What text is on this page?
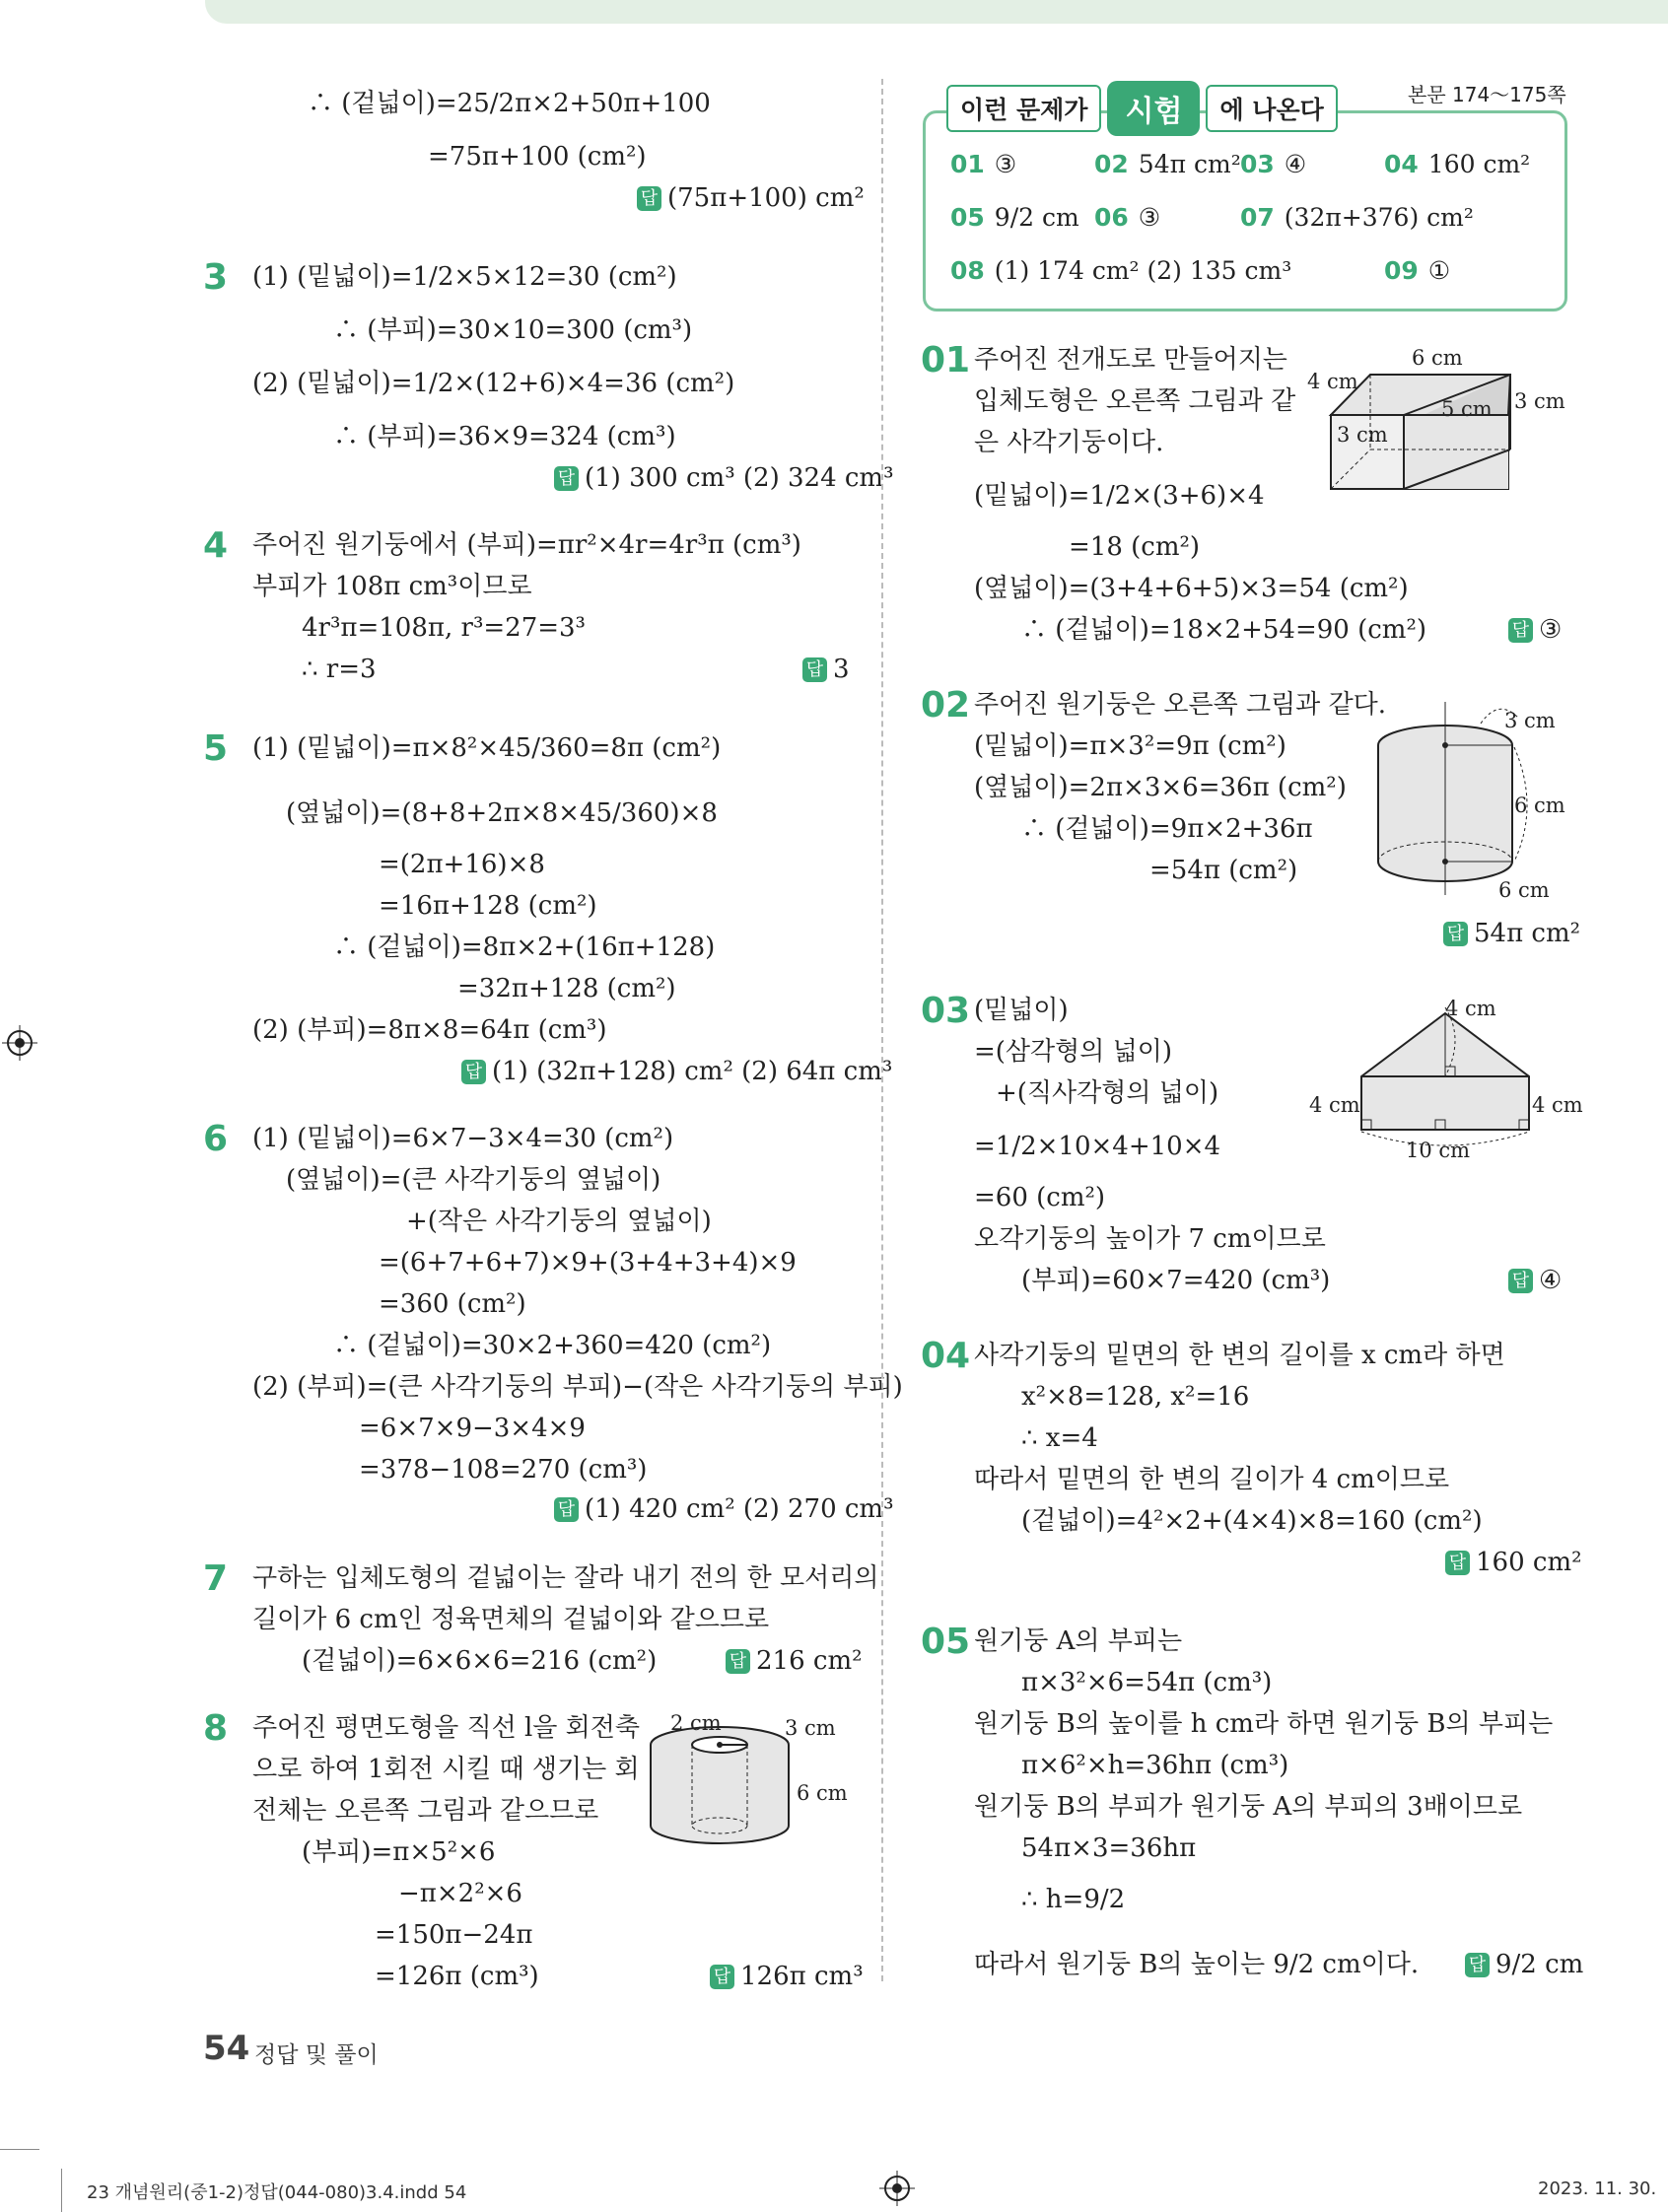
∴ (겉넓이)=25/2π×2+50π+100
=75π+100 (cm²)
답 (75π+100) cm²
3 (1) (밑넓이)=1/2×5×12=30 (cm²)
∴ (부피)=30×10=300 (cm³)
(2) (밑넓이)=1/2×(12+6)×4=36 (cm²)
∴ (부피)=36×9=324 (cm³)
답 (1) 300 cm³ (2) 324 cm³
4 주어진 원기둥에서 (부피)=πr²×4r=4r³π (cm³)
부피가 108π cm³이므로
4r³π=108π, r³=27=3³
∴ r=3	답 3
5 (1) (밑넓이)=π×8²×45/360=8π (cm²)
(옆넓이)=(8+8+2π×8×45/360)×8
=(2π+16)×8
=16π+128 (cm²)
∴ (겉넓이)=8π×2+(16π+128)
=32π+128 (cm²)
(2) (부피)=8π×8=64π (cm³)
답 (1) (32π+128) cm² (2) 64π cm³
6 (1) (밑넓이)=6×7−3×4=30 (cm²)
(옆넓이)=(큰 사각기둥의 옆넓이)
+(작은 사각기둥의 옆넓이)
=(6+7+6+7)×9+(3+4+3+4)×9
=360 (cm²)
∴ (겉넓이)=30×2+360=420 (cm²)
(2) (부피)=(큰 사각기둥의 부피)−(작은 사각기둥의 부피)
=6×7×9−3×4×9
=378−108=270 (cm³)
답 (1) 420 cm² (2) 270 cm³
7 구하는 입체도형의 겉넓이는 잘라 내기 전의 한 모서리의
길이가 6 cm인 정육면체의 겉넓이와 같으므로
(겉넓이)=6×6×6=216 (cm²)	답 216 cm²
8 주어진 평면도형을 직선 l을 회전축
으로 하여 1회전 시킬 때 생기는 회
전체는 오른쪽 그림과 같으므로
(부피)=π×5²×6
−π×2²×6
=150π−24π
=126π (cm³)	답 126π cm³
2 cm	3 cm
6 cm
이런 문제가	시험	에 나온다
본문 174～175쪽
01 ③	02 54π cm² 03 ④	04 160 cm²
05 9/2 cm 06 ③	07 (32π+376) cm²
08 (1) 174 cm² (2) 135 cm³	09 ①
01 주어진 전개도로 만들어지는
입체도형은 오른쪽 그림과 같
은 사각기둥이다.
(밑넓이)=1/2×(3+6)×4
=18 (cm²)
(옆넓이)=(3+4+6+5)×3=54 (cm²)
∴ (겉넓이)=18×2+54=90 (cm²)	답 ③
6 cm
4 cm
5 cm
3 cm
3 cm
02 주어진 원기둥은 오른쪽 그림과 같다.
(밑넓이)=π×3²=9π (cm²)
(옆넓이)=2π×3×6=36π (cm²)
∴ (겉넓이)=9π×2+36π
=54π (cm²)
답 54π cm²
3 cm
6 cm
6 cm
03 (밑넓이)
=(삼각형의 넓이)
+(직사각형의 넓이)
=1/2×10×4+10×4
=60 (cm²)
오각기둥의 높이가 7 cm이므로
(부피)=60×7=420 (cm³)	답 ④
4 cm
4 cm	4 cm
10 cm
04 사각기둥의 밑면의 한 변의 길이를 x cm라 하면
x²×8=128, x²=16
∴ x=4
따라서 밑면의 한 변의 길이가 4 cm이므로
(겉넓이)=4²×2+(4×4)×8=160 (cm²)
답 160 cm²
05 원기둥 A의 부피는
π×3²×6=54π (cm³)
원기둥 B의 높이를 h cm라 하면 원기둥 B의 부피는
π×6²×h=36hπ (cm³)
원기둥 B의 부피가 원기둥 A의 부피의 3배이므로
54π×3=36hπ
∴ h=9/2
따라서 원기둥 B의 높이는 9/2 cm이다.	답 9/2 cm
54 정답 및 풀이
23 개념원리(중1-2)정답(044-080)3.4.indd 54	2023. 11. 30.
